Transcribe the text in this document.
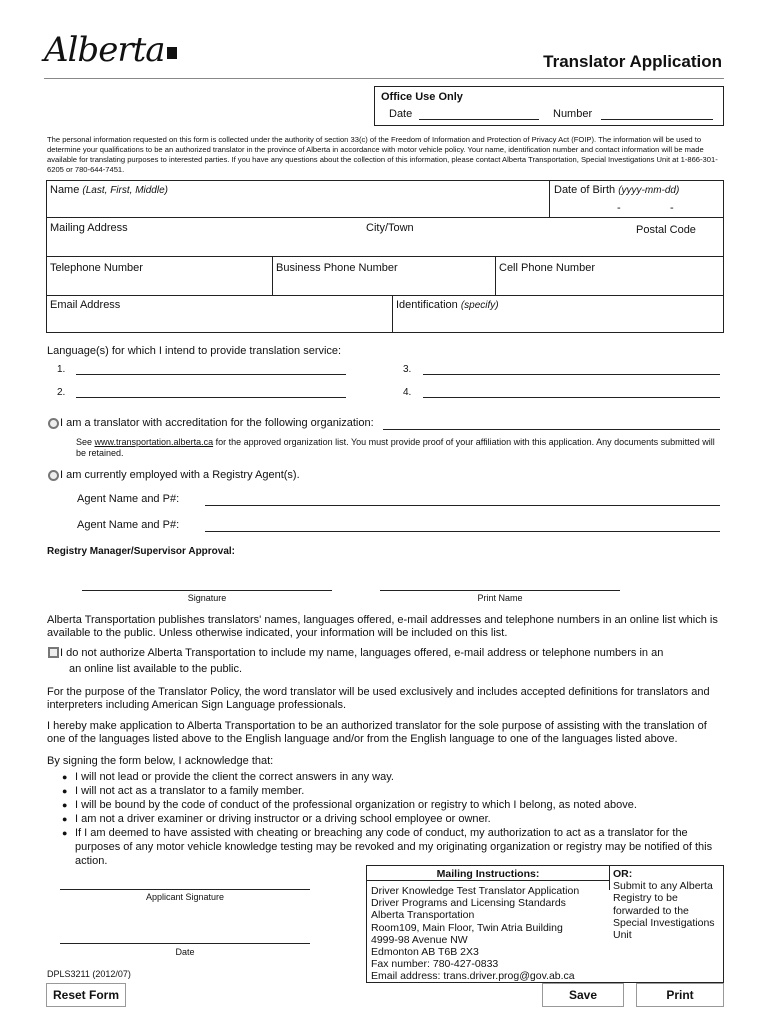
Alberta	Translator Application
Office Use Only
Date	Number
The personal information requested on this form is collected under the authority of section 33(c) of the Freedom of Information and Protection of Privacy Act (FOIP). The information will be used to determine your qualifications to be an authorized translator in the province of Alberta in accordance with motor vehicle policy. Your name, identification number and contact information will be made available for translating purposes to interested parties. If you have any questions about the collection of this information, please contact Alberta Transportation, Special Investigations Unit at 1-866-301-6205 or 780-644-7451.
Name (Last, First, Middle)	Date of Birth (yyyy-mm-dd)
-	-
Mailing Address	City/Town	Postal Code
Telephone Number	Business Phone Number	Cell Phone Number
Email Address	Identification (specify)
Language(s) for which I intend to provide translation service:
1.	3.
2.	4.
I am a translator with accreditation for the following organization:
See www.transportation.alberta.ca for the approved organization list. You must provide proof of your affiliation with this application. Any documents submitted will be retained.
I am currently employed with a Registry Agent(s).
Agent Name and P#:
Agent Name and P#:
Registry Manager/Supervisor Approval:
Signature	Print Name
Alberta Transportation publishes translators' names, languages offered, e-mail addresses and telephone numbers in an online list which is available to the public. Unless otherwise indicated, your information will be included on this list.
I do not authorize Alberta Transportation to include my name, languages offered, e-mail address or telephone numbers in an
an online list available to the public.
For the purpose of the Translator Policy, the word translator will be used exclusively and includes accepted definitions for translators and interpreters including American Sign Language professionals.
I hereby make application to Alberta Transportation to be an authorized translator for the sole purpose of assisting with the translation of one of the languages listed above to the English language and/or from the English language to one of the languages listed above.
By signing the form below, I acknowledge that:
● I will not lead or provide the client the correct answers in any way.
● I will not act as a translator to a family member.
● I will be bound by the code of conduct of the professional organization or registry to which I belong, as noted above.
● I am not a driver examiner or driving instructor or a driving school employee or owner.
● If I am deemed to have assisted with cheating or breaching any code of conduct, my authorization to act as a translator for the purposes of any motor vehicle knowledge testing may be revoked and my originating organization or registry may be notified of this action.
Applicant Signature
Date
Mailing Instructions:
Driver Knowledge Test Translator Application
Driver Programs and Licensing Standards
Alberta Transportation
Room109, Main Floor, Twin Atria Building
4999-98 Avenue NW
Edmonton AB T6B 2X3
Fax number: 780-427-0833
Email address: trans.driver.prog@gov.ab.ca
OR:
Submit to any Alberta Registry to be forwarded to the Special Investigations Unit
DPLS3211 (2012/07)
Reset Form	Save	Print
